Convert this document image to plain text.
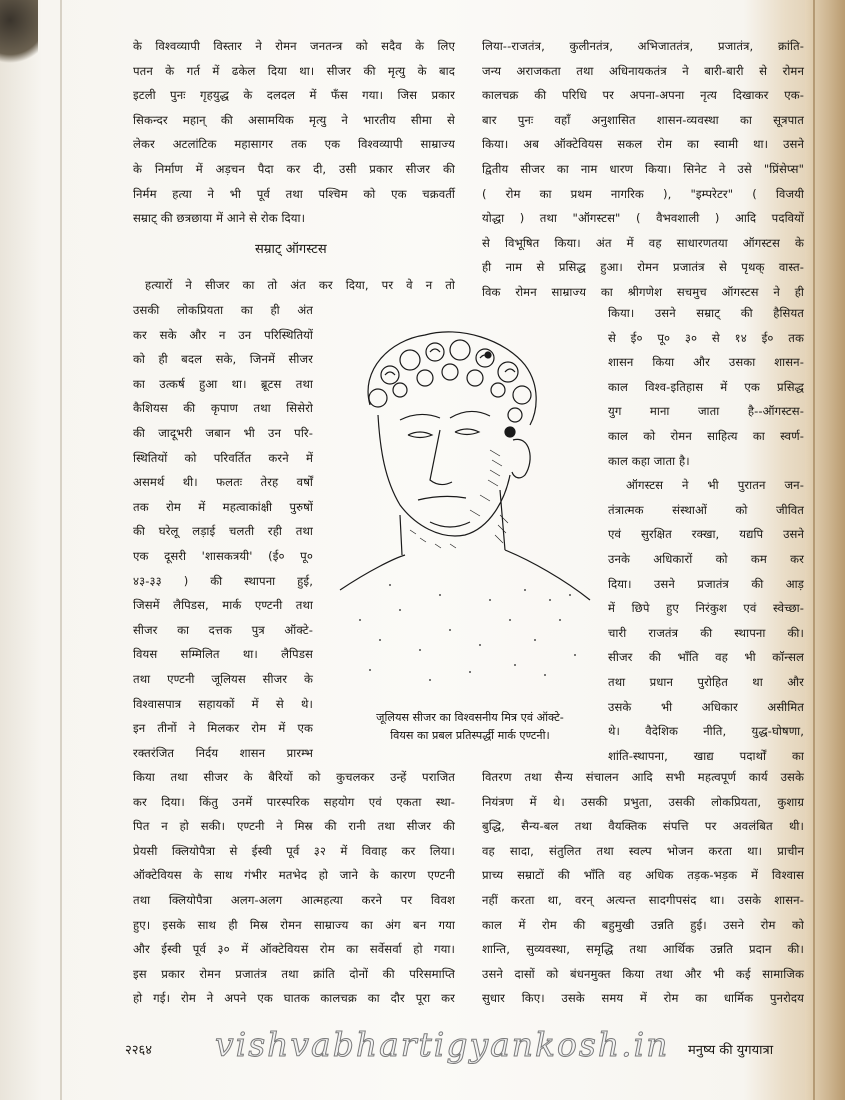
के विश्वव्यापी विस्तार ने रोमन जनतन्त्र को सदैव के लिए
पतन के गर्त में ढकेल दिया था। सीजर की मृत्यु के बाद
इटली पुनः गृहयुद्ध के दलदल में फँस गया। जिस प्रकार
सिकन्दर महान् की असामयिक मृत्यु ने भारतीय सीमा से
लेकर अटलांटिक महासागर तक एक विश्वव्यापी साम्राज्य
के निर्माण में अड़चन पैदा कर दी, उसी प्रकार सीजर की
निर्मम हत्या ने भी पूर्व तथा पश्चिम को एक चक्रवर्ती
सम्राट् की छत्रछाया में आने से रोक दिया।
सम्राट् ऑगस्टस
हत्यारों ने सीजर का तो अंत कर दिया, पर वे न तो
उसकी लोकप्रियता का ही अंत
कर सके और न उन परिस्थितियों
को ही बदल सके, जिनमें सीजर
का उत्कर्ष हुआ था। ब्रूटस तथा
कैशियस की कृपाण तथा सिसेरो
की जादूभरी जबान भी उन परि-
स्थितियों को परिवर्तित करने में
असमर्थ थी। फलतः तेरह वर्षों
तक रोम में महत्वाकांक्षी पुरुषों
की घरेलू लड़ाई चलती रही तथा
एक दूसरी 'शासकत्रयी' (ई० पू०
४३-३३ ) की स्थापना हुई,
जिसमें लैपिडस, मार्क एण्टनी तथा
सीजर का दत्तक पुत्र ऑक्टे-
वियस सम्मिलित था। लैपिडस
तथा एण्टनी जूलियस सीजर के
विश्वासपात्र सहायकों में से थे।
इन तीनों ने मिलकर रोम में एक
रक्तरंजित निर्दय शासन प्रारम्भ
किया तथा सीजर के बैरियों को कुचलकर उन्हें पराजित
कर दिया। किंतु उनमें पारस्परिक सहयोग एवं एकता स्था-
पित न हो सकी। एण्टनी ने मिस्र की रानी तथा सीजर की
प्रेयसी क्लियोपैत्रा से ईस्वी पूर्व ३२ में विवाह कर लिया।
ऑक्टेवियस के साथ गंभीर मतभेद हो जाने के कारण एण्टनी
तथा क्लियोपैत्रा अलग-अलग आत्महत्या करने पर विवश
हुए। इसके साथ ही मिस्र रोमन साम्राज्य का अंग बन गया
और ईस्वी पूर्व ३० में ऑक्टेवियस रोम का सर्वेसर्वा हो गया।
इस प्रकार रोमन प्रजातंत्र तथा क्रांति दोनों की परिसमाप्ति
हो गई। रोम ने अपने एक घातक कालचक्र का दौर पूरा कर
लिया--राजतंत्र, कुलीनतंत्र, अभिजाततंत्र, प्रजातंत्र, क्रांति-
जन्य अराजकता तथा अधिनायकतंत्र ने बारी-बारी से रोमन
कालचक्र की परिधि पर अपना-अपना नृत्य दिखाकर एक-
बार पुनः वहाँ अनुशासित शासन-व्यवस्था का सूत्रपात
किया। अब ऑक्टेवियस सकल रोम का स्वामी था। उसने
द्वितीय सीजर का नाम धारण किया। सिनेट ने उसे "प्रिंसेप्स"
( रोम का प्रथम नागरिक ), "इम्परेटर" ( विजयी
योद्धा ) तथा "ऑगस्टस" ( वैभवशाली ) आदि पदवियों
से विभूषित किया। अंत में वह साधारणतया ऑगस्टस के
ही नाम से प्रसिद्ध हुआ। रोमन प्रजातंत्र से पृथक् वास्त-
विक रोमन साम्राज्य का श्रीगणेश सचमुच ऑगस्टस ने ही
किया। उसने सम्राट् की हैसियत
से ई० पू० ३० से १४ ई० तक
शासन किया और उसका शासन-
काल विश्व-इतिहास में एक प्रसिद्ध
युग माना जाता है--ऑगस्टस-
काल को रोमन साहित्य का स्वर्ण-
काल कहा जाता है।
ऑगस्टस ने भी पुरातन जन-
तंत्रात्मक संस्थाओं को जीवित
एवं सुरक्षित रक्खा, यद्यपि उसने
उनके अधिकारों को कम कर
दिया। उसने प्रजातंत्र की आड़
में छिपे हुए निरंकुश एवं स्वेच्छा-
चारी राजतंत्र की स्थापना की।
सीजर की भाँति वह भी कॉन्सल
तथा प्रधान पुरोहित था और
उसके भी अधिकार असीमित
थे। वैदेशिक नीति, युद्ध-घोषणा,
शांति-स्थापना, खाद्य पदार्थों का
वितरण तथा सैन्य संचालन आदि सभी महत्वपूर्ण कार्य उसके
नियंत्रण में थे। उसकी प्रभुता, उसकी लोकप्रियता, कुशाग्र
बुद्धि, सैन्य-बल तथा वैयक्तिक संपत्ति पर अवलंबित थी।
वह सादा, संतुलित तथा स्वल्प भोजन करता था। प्राचीन
प्राच्य सम्राटों की भाँति वह अधिक तड़क-भड़क में विश्वास
नहीं करता था, वरन् अत्यन्त सादगीपसंद था। उसके शासन-
काल में रोम की बहुमुखी उन्नति हुई। उसने रोम को
शान्ति, सुव्यवस्था, समृद्धि तथा आर्थिक उन्नति प्रदान की।
उसने दासों को बंधनमुक्त किया तथा और भी कई सामाजिक
सुधार किए। उसके समय में रोम का धार्मिक पुनरोदय
जूलियस सीजर का विश्वसनीय मित्र एवं ऑक्टे-
वियस का प्रबल प्रतिस्पर्द्धी मार्क एण्टनी।
२२६४ vishvabhartigyankosh.in मनुष्य की युगयात्रा
